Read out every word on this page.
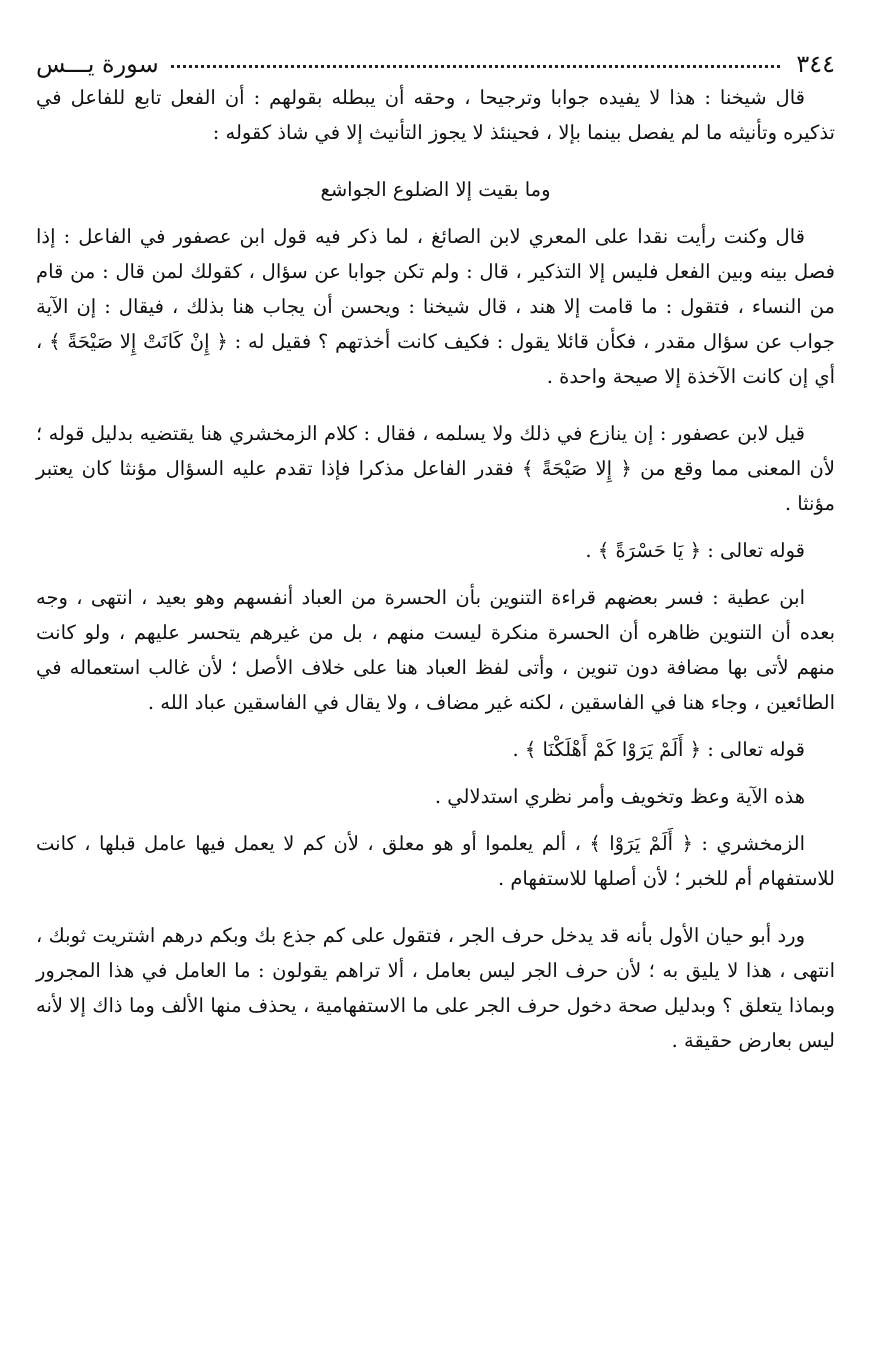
٣٤٤
سورة يـــس

قال شيخنا : هذا لا يفيده جوابا وترجيحا ، وحقه أن يبطله بقولهم : أن الفعل تابع للفاعل في تذكيره وتأنيثه ما لم يفصل بينما بإلا ، فحينئذ لا يجوز التأنيث إلا في شاذ كقوله :

وما بقيت إلا الضلوع الجواشع

قال وكنت رأيت نقدا على المعري لابن الصائغ ، لما ذكر فيه قول ابن عصفور في الفاعل : إذا فصل بينه وبين الفعل فليس إلا التذكير ، قال : ولم تكن جوابا عن سؤال ، كقولك لمن قال : من قام من النساء ، فتقول : ما قامت إلا هند ، قال شيخنا : ويحسن أن يجاب هنا بذلك ، فيقال : إن الآية جواب عن سؤال مقدر ، فكأن قائلا يقول : فكيف كانت أخذتهم ؟ فقيل له : ﴿ إِنْ كَانَتْ إِلا صَيْحَةً ﴾ ، أي إن كانت الآخذة إلا صيحة واحدة .

قيل لابن عصفور : إن ينازع في ذلك ولا يسلمه ، فقال : كلام الزمخشري هنا يقتضيه بدليل قوله ؛ لأن المعنى مما وقع من ﴿ إِلا صَيْحَةً ﴾ فقدر الفاعل مذكرا فإذا تقدم عليه السؤال مؤنثا كان يعتبر مؤنثا .

قوله تعالى : ﴿ يَا حَسْرَةً ﴾ .

ابن عطية : فسر بعضهم قراءة التنوين بأن الحسرة من العباد أنفسهم وهو بعيد ، انتهى ، وجه بعده أن التنوين ظاهره أن الحسرة منكرة ليست منهم ، بل من غيرهم يتحسر عليهم ، ولو كانت منهم لأتى بها مضافة دون تنوين ، وأتى لفظ العباد هنا على خلاف الأصل ؛ لأن غالب استعماله في الطائعين ، وجاء هنا في الفاسقين ، لكنه غير مضاف ، ولا يقال في الفاسقين عباد الله .

قوله تعالى : ﴿ أَلَمْ يَرَوْا كَمْ أَهْلَكْنَا ﴾ .

هذه الآية وعظ وتخويف وأمر نظري استدلالي .

الزمخشري : ﴿ أَلَمْ يَرَوْا ﴾ ، ألم يعلموا أو هو معلق ، لأن كم لا يعمل فيها عامل قبلها ، كانت للاستفهام أم للخبر ؛ لأن أصلها للاستفهام .

ورد أبو حيان الأول بأنه قد يدخل حرف الجر ، فتقول على كم جذع بك وبكم درهم اشتريت ثوبك ، انتهى ، هذا لا يليق به ؛ لأن حرف الجر ليس بعامل ، ألا تراهم يقولون : ما العامل في هذا المجرور وبماذا يتعلق ؟ وبدليل صحة دخول حرف الجر على ما الاستفهامية ، يحذف منها الألف وما ذاك إلا لأنه ليس بعارض حقيقة .
